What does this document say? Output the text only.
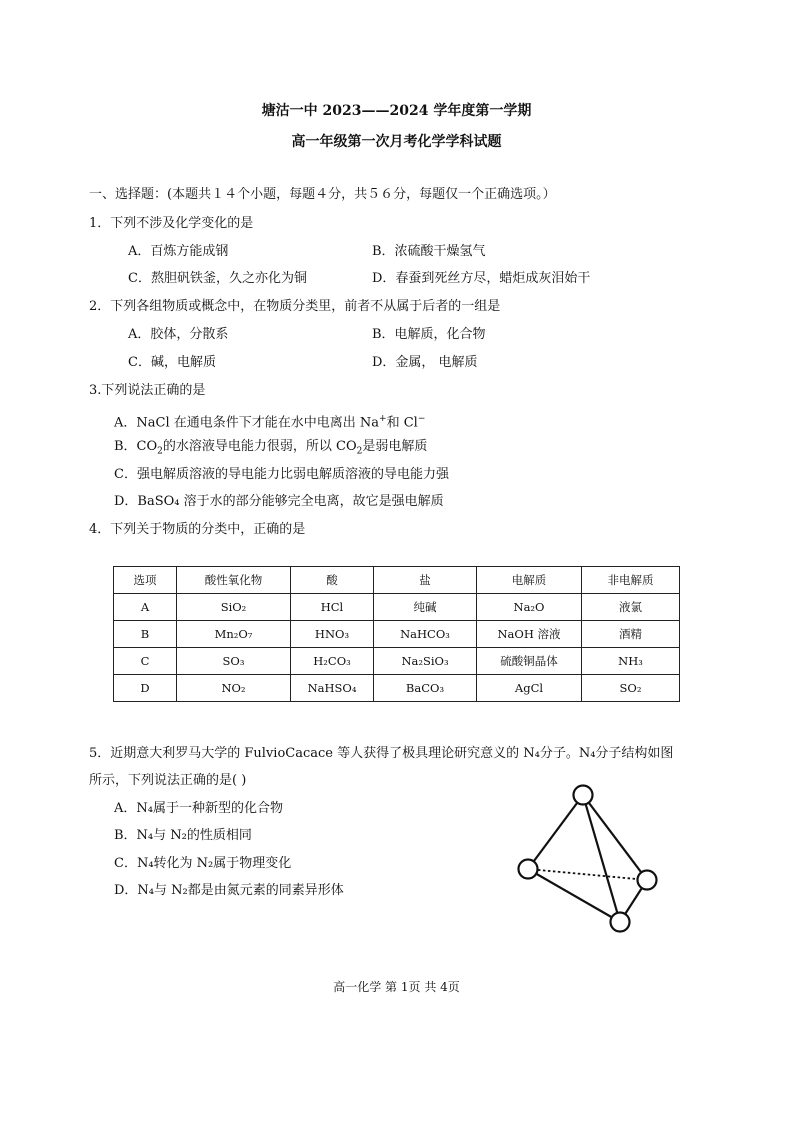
塘沽一中 2023——2024 学年度第一学期
高一年级第一次月考化学学科试题
一、选择题：(本题共１４个小题，每题４分，共５６分，每题仅一个正确选项。）
1．下列不涉及化学变化的是
A．百炼方能成钢	B．浓硫酸干燥氢气
C．熬胆矾铁釜，久之亦化为铜	D．春蚕到死丝方尽，蜡炬成灰泪始干
2．下列各组物质或概念中，在物质分类里，前者不从属于后者的一组是
A．胶体，分散系	B．电解质，化合物
C．碱，电解质	D．金属， 电解质
3.下列说法正确的是
A．NaCl 在通电条件下才能在水中电离出 Na+和 Cl−
B．$CO_2$的水溶液导电能力很弱，所以 $CO_2$是弱电解质
C．强电解质溶液的导电能力比弱电解质溶液的导电能力强
D．BaSO₄ 溶于水的部分能够完全电离，故它是强电解质
4．下列关于物质的分类中，正确的是
选项	酸性氧化物	酸	盐	电解质	非电解质
A	SiO₂	HCl	纯碱	Na₂O	液氯
B	Mn₂O₇	HNO₃	NaHCO₃	NaOH 溶液	酒精
C	SO₃	H₂CO₃	Na₂SiO₃	硫酸铜晶体	NH₃
D	NO₂	NaHSO₄	BaCO₃	AgCl	SO₂
5．近期意大利罗马大学的 FulvioCacace 等人获得了极具理论研究意义的 N₄分子。N₄分子结构如图
所示，下列说法正确的是( )
A．N₄属于一种新型的化合物
B．N₄与 N₂的性质相同
C．N₄转化为 N₂属于物理变化
D．N₄与 N₂都是由氮元素的同素异形体
高一化学 第 1页 共 4页
